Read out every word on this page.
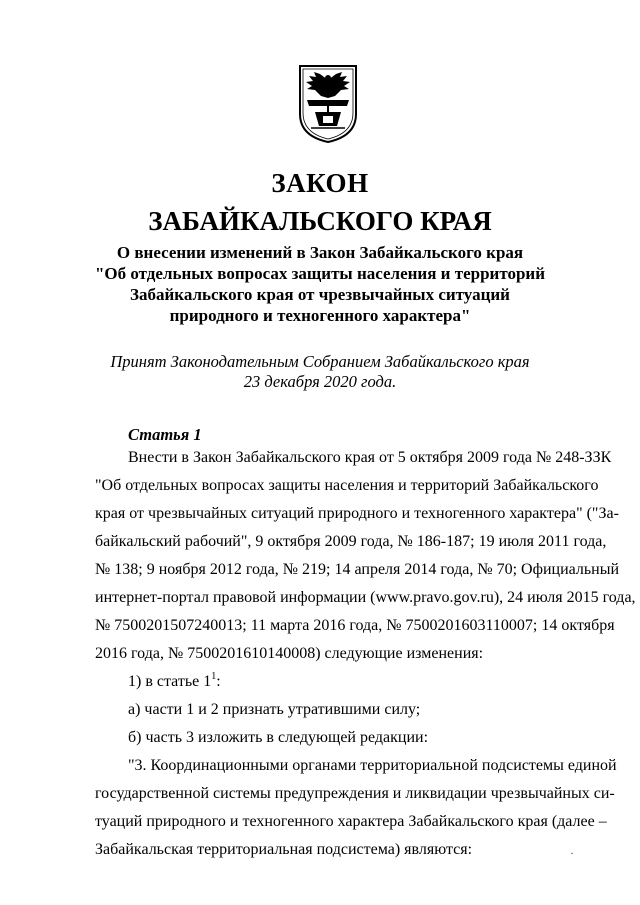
ЗАКОН
ЗАБАЙКАЛЬСКОГО КРАЯ
О внесении изменений в Закон Забайкальского края
"Об отдельных вопросах защиты населения и территорий
Забайкальского края от чрезвычайных ситуаций
природного и техногенного характера"
Принят Законодательным Собранием Забайкальского края
23 декабря 2020 года.
Статья 1
Внести в Закон Забайкальского края от 5 октября 2009 года № 248-ЗЗК
"Об отдельных вопросах защиты населения и территорий Забайкальского
края от чрезвычайных ситуаций природного и техногенного характера" ("За-
байкальский рабочий", 9 октября 2009 года, № 186-187; 19 июля 2011 года,
№ 138; 9 ноября 2012 года, № 219; 14 апреля 2014 года, № 70; Официальный
интернет-портал правовой информации (www.pravo.gov.ru), 24 июля 2015 года,
№ 7500201507240013; 11 марта 2016 года, № 7500201603110007; 14 октября
2016 года, № 7500201610140008) следующие изменения:
1) в статье $1^1$:
а) части 1 и 2 признать утратившими силу;
б) часть 3 изложить в следующей редакции:
"3. Координационными органами территориальной подсистемы единой
государственной системы предупреждения и ликвидации чрезвычайных си-
туаций природного и техногенного характера Забайкальского края (далее –
Забайкальская территориальная подсистема) являются:	·
